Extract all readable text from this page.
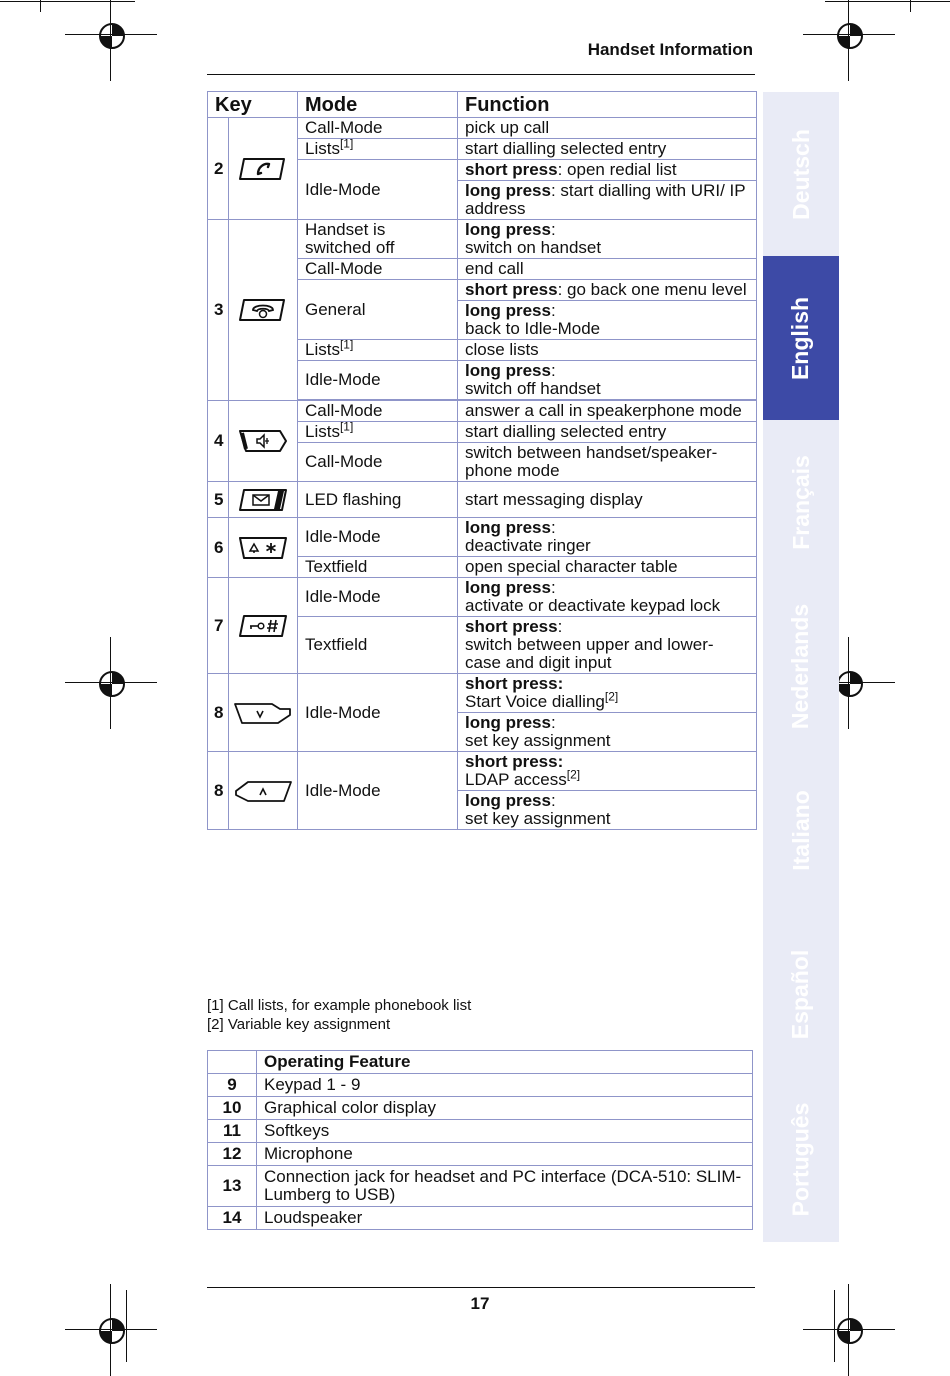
Handset Information
Key		Mode	Function
2		Call-Mode	pick up call
		Lists[1]	start dialling selected entry
		Idle-Mode	short press: open redial list
			long press: start dialling with URI/ IP address
3		Handset is switched off	long press:
switch on handset
		Call-Mode	end call
		General	short press: go back one menu level
			long press:
back to Idle-Mode
		Lists[1]	close lists
		Idle-Mode	long press:
switch off handset

4		Call-Mode	answer a call in speakerphone mode
		Lists[1]	start dialling selected entry
		Call-Mode	switch between handset/speaker-phone mode
5		LED flashing	start messaging display
6		Idle-Mode	long press:
deactivate ringer
		Textfield	open special character table
7		Idle-Mode	long press:
activate or deactivate keypad lock
		Textfield	short press:
switch between upper and lower-case and digit input
8		Idle-Mode	short press:
Start Voice dialling[2]
			long press:
set key assignment
8		Idle-Mode	short press:
LDAP access[2]
			long press:
set key assignment
[1] Call lists, for example phonebook list
[2] Variable key assignment
	Operating Feature
9	Keypad 1 - 9
10	Graphical color display
11	Softkeys
12	Microphone
13	Connection jack for headset and PC interface (DCA-510: SLIM-Lumberg to USB)
14	Loudspeaker
17
Deutsch
English
Français
Nederlands
Italiano
Español
Português
